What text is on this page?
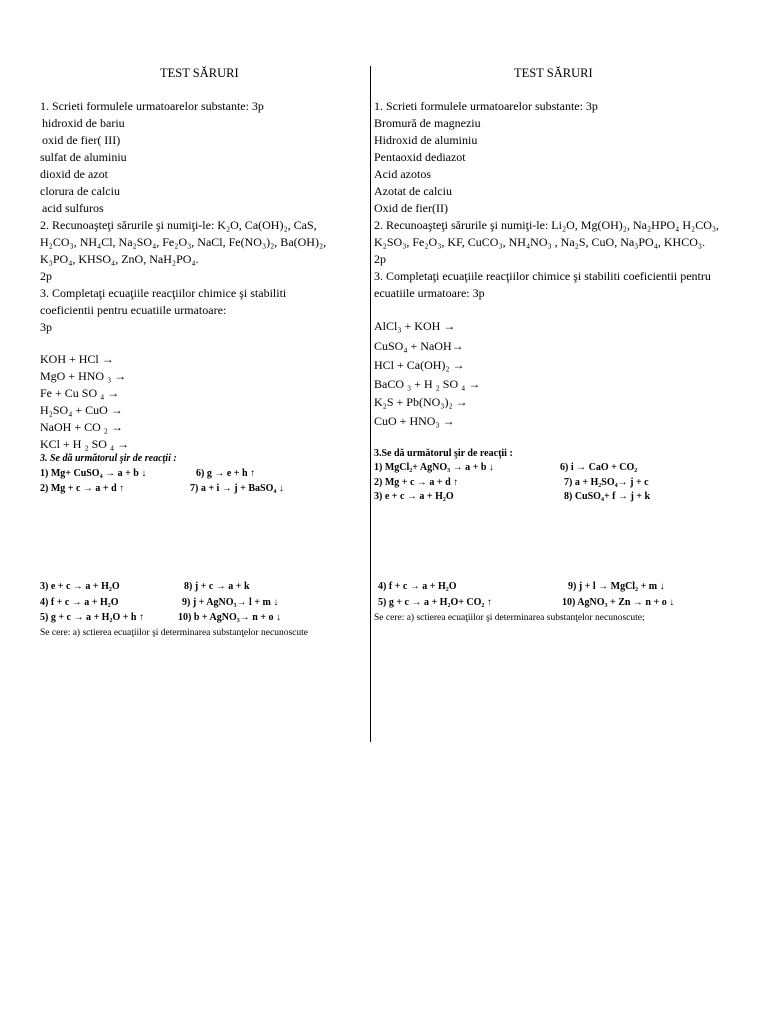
TEST SĂRURI
1. Scrieti formulele urmatoarelor substante: 3p
hidroxid de bariu
oxid de fier( III)
sulfat de aluminiu
dioxid de azot
clorura de calciu
acid sulfuros
2. Recunoaşteţi sărurile şi numiţi-le: K₂O, Ca(OH)₂, CaS,
H₂CO₃, NH₄Cl, Na₂SO₄, Fe₂O₃, NaCl, Fe(NO₃)₂, Ba(OH)₂,
K₃PO₄, KHSO₄, ZnO, NaH₂PO₄.
2p
3. Completaţi ecuaţiile reacţiilor chimice şi stabiliti
coeficientii pentru ecuatiile urmatoare:
3p
KOH + HCl →
MgO + HNO ₃ →
Fe + Cu SO ₄ →
H₂SO₄ + CuO →
NaOH + CO ₂ →
KCl + H ₂ SO ₄ →
3. Se dă următorul şir de reacţii :
1) Mg+ CuSO₄ → a + b ↓	6) g → e + h ↑
2) Mg + c → a + d ↑	7) a + i → j + BaSO₄ ↓
3) e + c → a + H₂O	8) j + c → a + k
4) f + c → a + H₂O	9) j + AgNO₃→ l + m ↓
5) g + c → a + H₂O + h ↑	10) b + AgNO₃→ n + o ↓
Se cere: a) sctierea ecuaţiilor şi determinarea substanţelor necunoscute
TEST SĂRURI
1. Scrieti formulele urmatoarelor substante: 3p
Bromură de magneziu
Hidroxid de aluminiu
Pentaoxid dediazot
Acid azotos
Azotat de calciu
Oxid de fier(II)
2. Recunoaşteţi sărurile şi numiţi-le: Li₂O, Mg(OH)₂, Na₂HPO₄ H₂CO₃,
K₂SO₃, Fe₂O₃, KF, CuCO₃, NH₄NO₃ , Na₂S, CuO, Na₃PO₄, KHCO₃.
2p
3. Completaţi ecuaţiile reacţiilor chimice şi stabiliti coeficientii pentru
ecuatiile urmatoare: 3p
AlCl₃ + KOH →
CuSO₄ + NaOH→
HCl + Ca(OH)₂ →
BaCO ₃ + H ₂ SO ₄ →
K₂S + Pb(NO₃)₂ →
CuO + HNO₃ →
3.Se dă următorul şir de reacţii :
1) MgCl₂+ AgNO₃ → a + b ↓	6) i → CaO + CO₂
2) Mg + c → a + d ↑	7) a + H₂SO₄→ j + c
3) e + c → a + H₂O	8) CuSO₄+ f → j + k
4) f + c → a + H₂O	9) j + l → MgCl₂ + m ↓
5) g + c → a + H₂O+ CO₂ ↑	10) AgNO₃ + Zn → n + o ↓
Se cere: a) sctierea ecuaţiilor şi determinarea substanţelor necunoscute;
